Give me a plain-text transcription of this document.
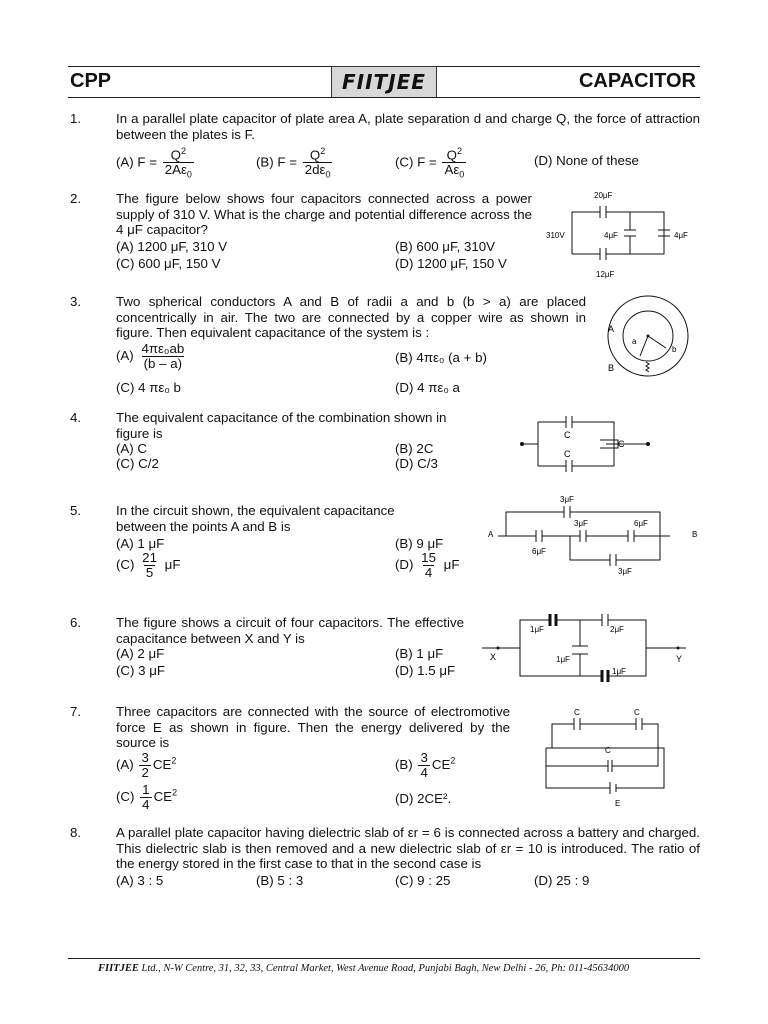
CPP	FIITJEE	CAPACITOR
1.	In a parallel plate capacitor of plate area A, plate separation d and charge Q, the force of attraction between the plates is F.
(A) $F = \frac{Q^2}{2A\varepsilon_0}$	(B) $F = \frac{Q^2}{2d\varepsilon_0}$	(C) $F = \frac{Q^2}{A\varepsilon_0}$	(D) None of these
2.	The figure below shows four capacitors connected across a power supply of 310 V. What is the charge and potential difference across the 4 μF capacitor?
(A) 1200 μF, 310 V	(B) 600 μF, 310V
(C) 600 μF, 150 V	(D) 1200 μF, 150 V
20μF
310V	4μF	4μF
12μF
3.	Two spherical conductors A and B of radii a and b (b > a) are placed concentrically in air. The two are connected by a copper wire as shown in figure. Then equivalent capacitance of the system is :
$(A) \frac{\text{4πε₀ab}}{(b - a)}$	(B) 4πε₀ (a + b)
(C) 4 πε₀ b	(D) 4 πε₀ a
A
B
a
b
4.	The equivalent capacitance of the combination shown in figure is
(A) C	(B) 2C
(C) C/2	(D) C/3
C
C
C
5.	In the circuit shown, the equivalent capacitance between the points A and B is
(A) 1 μF	(B) 9 μF
$(C) \frac{21}{5}$ μF	$(D) \frac{15}{4}$ μF
A	B
3μF
3μF	6μF
6μF
3μF
6.	The figure shows a circuit of four capacitors. The effective capacitance between X and Y is
(A) 2 μF	(B) 1 μF
(C) 3 μF	(D) 1.5 μF
1μF	2μF
1μF
1μF
X	Y
7.	Three capacitors are connected with the source of electromotive force E as shown in figure. Then the energy delivered by the source is
$(A) \frac{3}{2} CE^2$	$(B) \frac{3}{4} CE^2$
$(C) \frac{1}{4} CE^2$	(D) 2CE².
C	C
C
E
8.	A parallel plate capacitor having dielectric slab of εr = 6 is connected across a battery and charged. This dielectric slab is then removed and a new dielectric slab of εr = 10 is introduced. The ratio of the energy stored in the first case to that in the second case is
(A) 3 : 5	(B) 5 : 3	(C) 9 : 25	(D) 25 : 9
FIITJEE Ltd., N-W Centre, 31, 32, 33, Central Market, West Avenue Road, Punjabi Bagh, New Delhi - 26, Ph: 011-45634000
